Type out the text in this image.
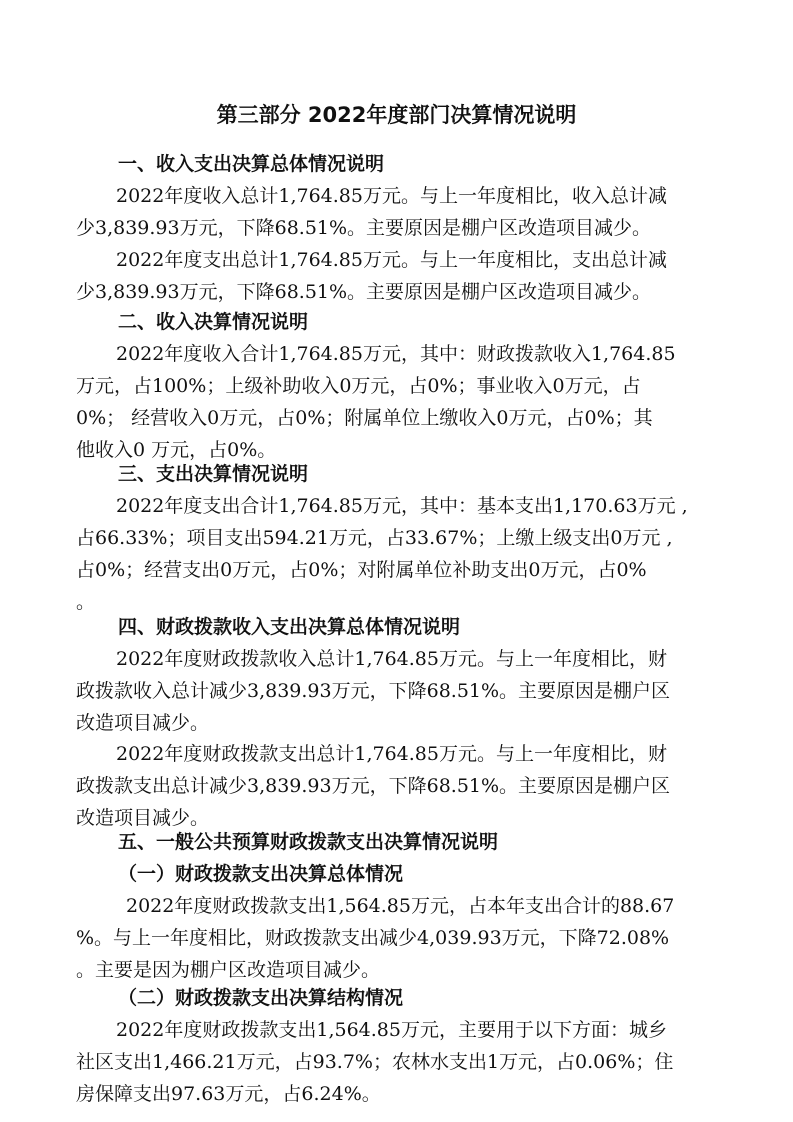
第三部分 2022年度部门决算情况说明
一、收入支出决算总体情况说明

2022年度收入总计1,764.85万元。与上一年度相比，收入总计减
少3,839.93万元，下降68.51%。主要原因是棚户区改造项目减少。

2022年度支出总计1,764.85万元。与上一年度相比，支出总计减
少3,839.93万元，下降68.51%。主要原因是棚户区改造项目减少。

二、收入决算情况说明

2022年度收入合计1,764.85万元，其中：财政拨款收入1,764.85
万元，占100%；上级补助收入0万元，占0%；事业收入0万元，占
0%； 经营收入0万元，占0%；附属单位上缴收入0万元，占0%；其
他收入0 万元，占0%。

三、支出决算情况说明

2022年度支出合计1,764.85万元，其中：基本支出1,170.63万元 ,
占66.33%；项目支出594.21万元，占33.67%；上缴上级支出0万元 ,
占0%；经营支出0万元，占0%；对附属单位补助支出0万元，占0%
。

四、财政拨款收入支出决算总体情况说明

2022年度财政拨款收入总计1,764.85万元。与上一年度相比，财
政拨款收入总计减少3,839.93万元，下降68.51%。主要原因是棚户区
改造项目减少。

2022年度财政拨款支出总计1,764.85万元。与上一年度相比，财
政拨款支出总计减少3,839.93万元，下降68.51%。主要原因是棚户区
改造项目减少。

五、一般公共预算财政拨款支出决算情况说明
（一）财政拨款支出决算总体情况

2022年度财政拨款支出1,564.85万元，占本年支出合计的88.67
%。与上一年度相比，财政拨款支出减少4,039.93万元，下降72.08%
。主要是因为棚户区改造项目减少。

（二）财政拨款支出决算结构情况

2022年度财政拨款支出1,564.85万元，主要用于以下方面：城乡
社区支出1,466.21万元，占93.7%；农林水支出1万元，占0.06%；住
房保障支出97.63万元，占6.24%。
